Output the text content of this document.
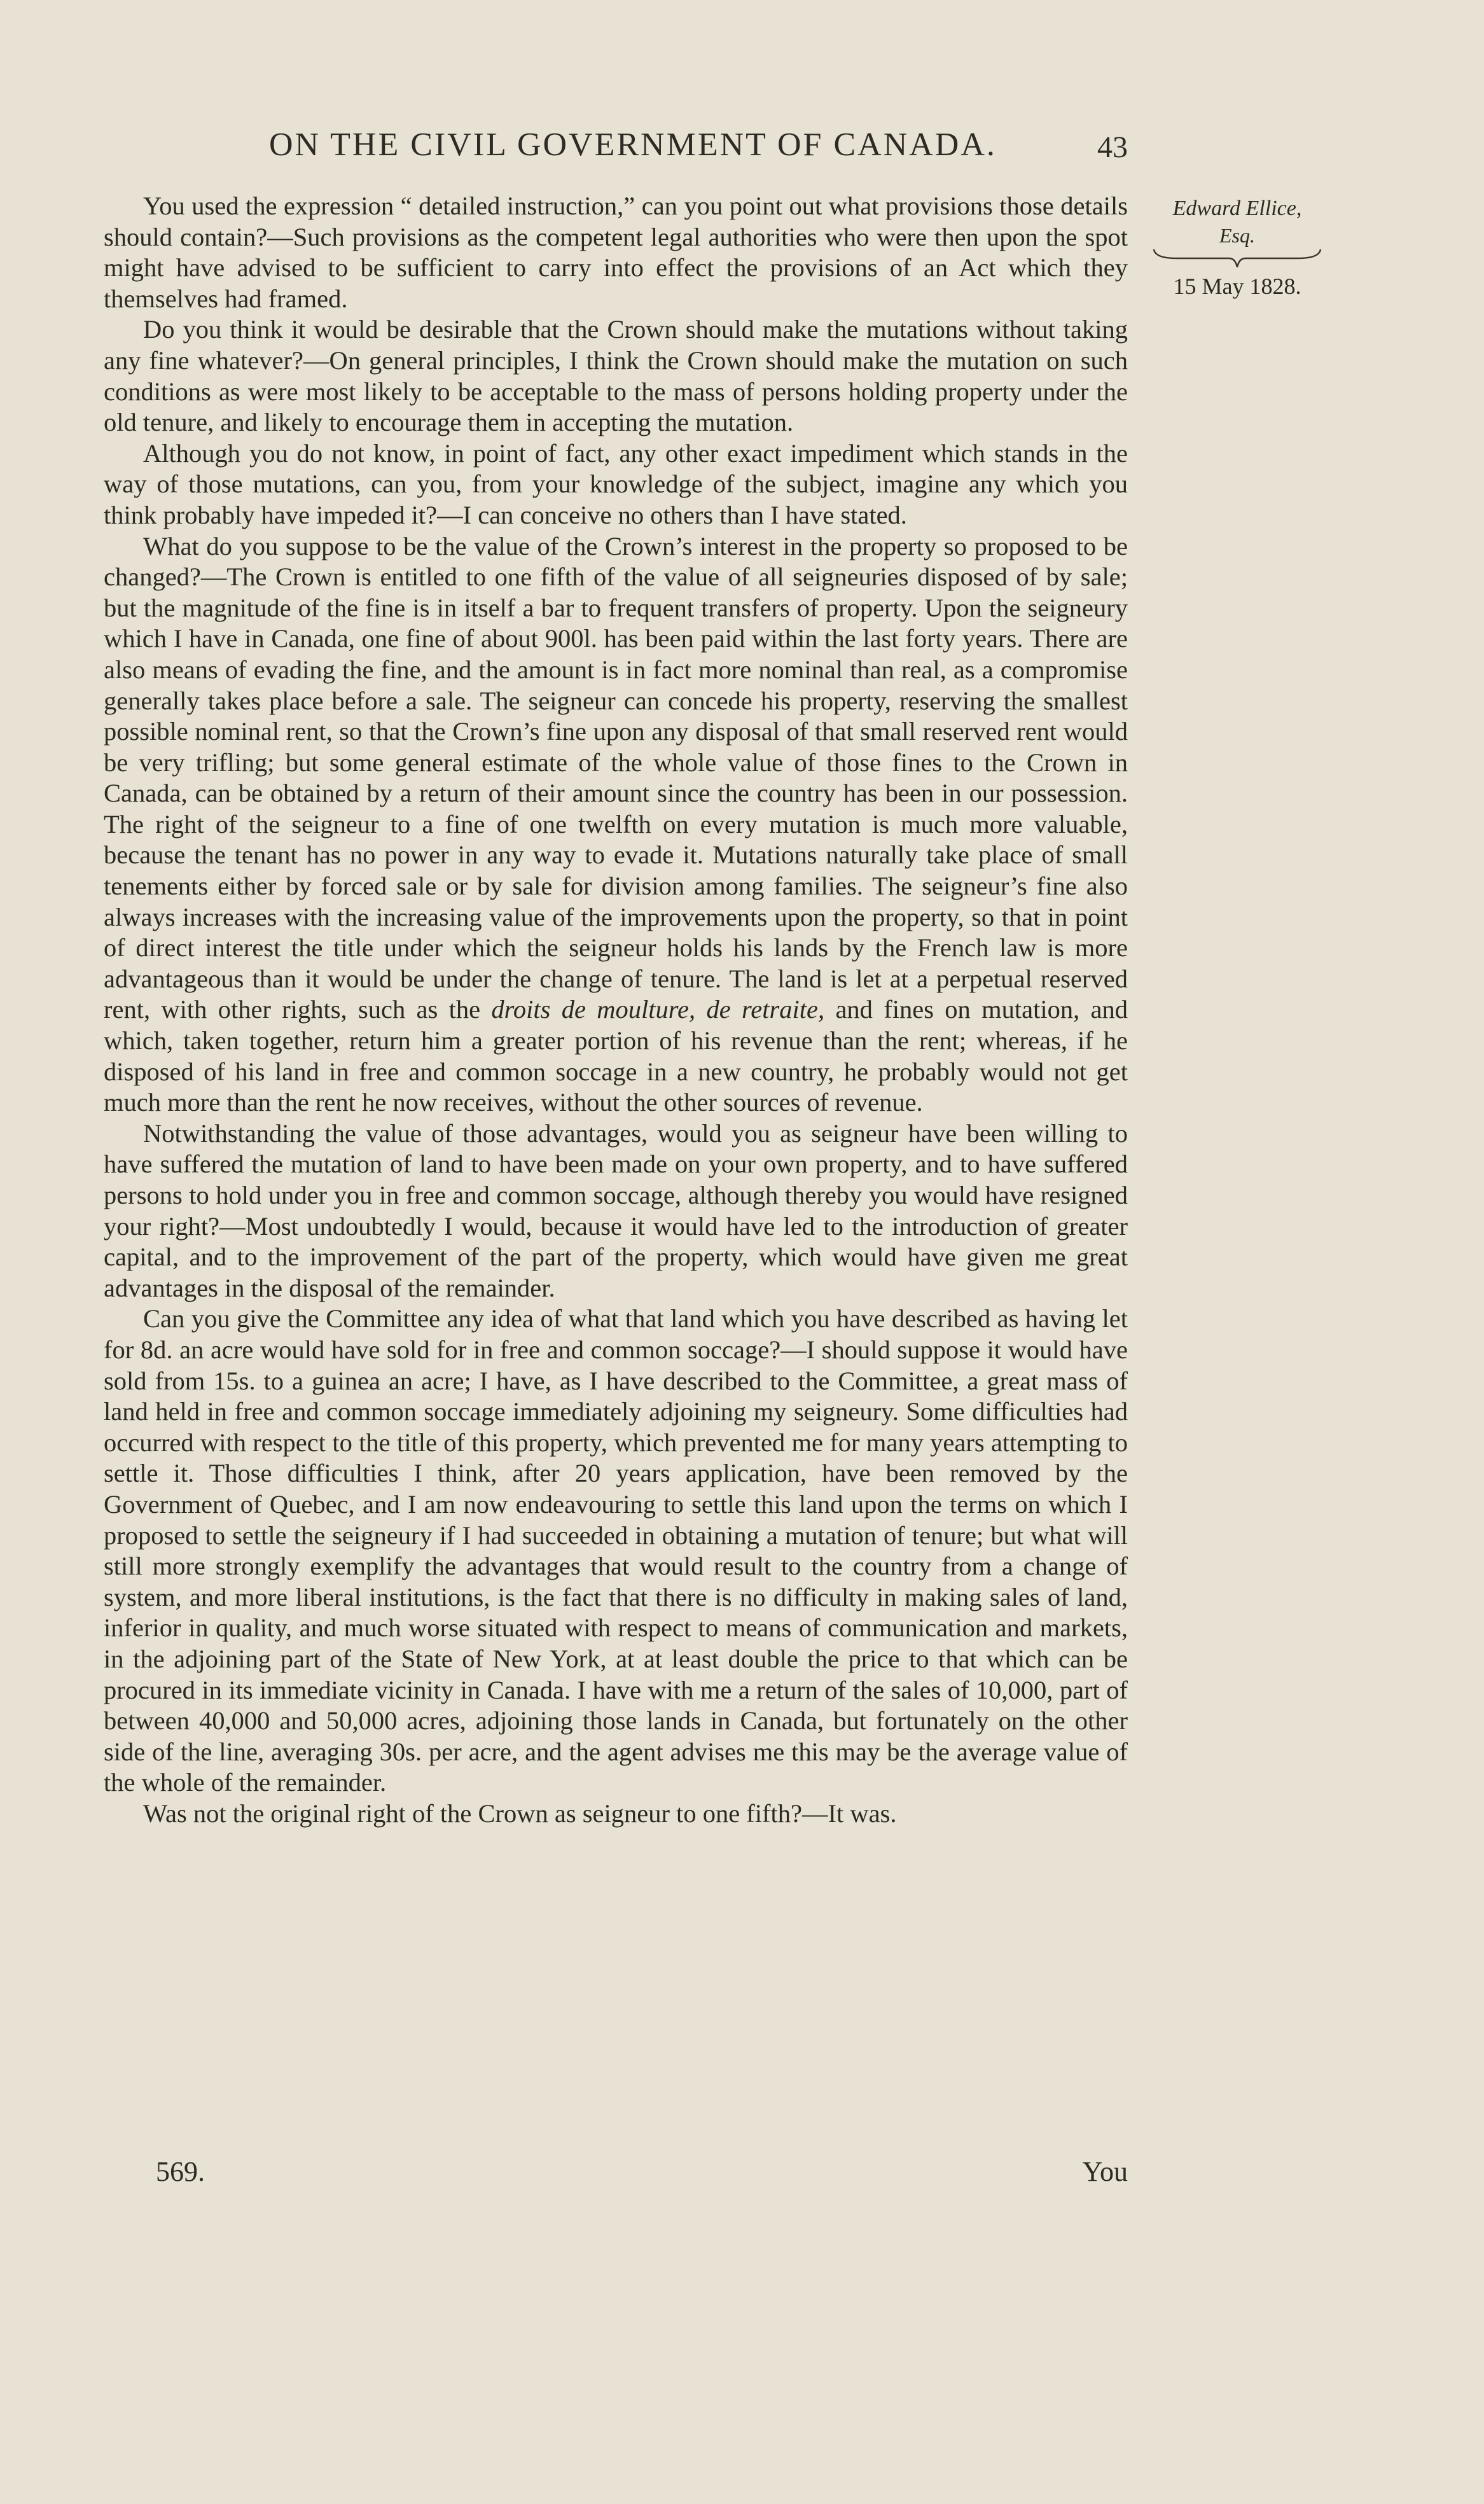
ON THE CIVIL GOVERNMENT OF CANADA.	43

You used the expression “ detailed instruction,” can you point out what provisions those details should contain?—Such provisions as the competent legal authorities who were then upon the spot might have advised to be sufficient to carry into effect the provisions of an Act which they themselves had framed.

Do you think it would be desirable that the Crown should make the mutations without taking any fine whatever?—On general principles, I think the Crown should make the mutation on such conditions as were most likely to be acceptable to the mass of persons holding property under the old tenure, and likely to encourage them in accepting the mutation.

Although you do not know, in point of fact, any other exact impediment which stands in the way of those mutations, can you, from your knowledge of the subject, imagine any which you think probably have impeded it?—I can conceive no others than I have stated.

What do you suppose to be the value of the Crown’s interest in the property so proposed to be changed?—The Crown is entitled to one fifth of the value of all seigneuries disposed of by sale; but the magnitude of the fine is in itself a bar to frequent transfers of property. Upon the seigneury which I have in Canada, one fine of about 900l. has been paid within the last forty years. There are also means of evading the fine, and the amount is in fact more nominal than real, as a compromise generally takes place before a sale. The seigneur can concede his property, reserving the smallest possible nominal rent, so that the Crown’s fine upon any disposal of that small reserved rent would be very trifling; but some general estimate of the whole value of those fines to the Crown in Canada, can be obtained by a return of their amount since the country has been in our possession. The right of the seigneur to a fine of one twelfth on every mutation is much more valuable, because the tenant has no power in any way to evade it. Mutations naturally take place of small tenements either by forced sale or by sale for division among families. The seigneur’s fine also always increases with the increasing value of the improvements upon the property, so that in point of direct interest the title under which the seigneur holds his lands by the French law is more advantageous than it would be under the change of tenure. The land is let at a perpetual reserved rent, with other rights, such as the droits de moulture, de retraite, and fines on mutation, and which, taken together, return him a greater portion of his revenue than the rent; whereas, if he disposed of his land in free and common soccage in a new country, he probably would not get much more than the rent he now receives, without the other sources of revenue.

Notwithstanding the value of those advantages, would you as seigneur have been willing to have suffered the mutation of land to have been made on your own property, and to have suffered persons to hold under you in free and common soccage, although thereby you would have resigned your right?—Most undoubtedly I would, because it would have led to the introduction of greater capital, and to the improvement of the part of the property, which would have given me great advantages in the disposal of the remainder.

Can you give the Committee any idea of what that land which you have described as having let for 8d. an acre would have sold for in free and common soccage?—I should suppose it would have sold from 15s. to a guinea an acre; I have, as I have described to the Committee, a great mass of land held in free and common soccage immediately adjoining my seigneury. Some difficulties had occurred with respect to the title of this property, which prevented me for many years attempting to settle it. Those difficulties I think, after 20 years application, have been removed by the Government of Quebec, and I am now endeavouring to settle this land upon the terms on which I proposed to settle the seigneury if I had succeeded in obtaining a mutation of tenure; but what will still more strongly exemplify the advantages that would result to the country from a change of system, and more liberal institutions, is the fact that there is no difficulty in making sales of land, inferior in quality, and much worse situated with respect to means of communication and markets, in the adjoining part of the State of New York, at at least double the price to that which can be procured in its immediate vicinity in Canada. I have with me a return of the sales of 10,000, part of between 40,000 and 50,000 acres, adjoining those lands in Canada, but fortunately on the other side of the line, averaging 30s. per acre, and the agent advises me this may be the average value of the whole of the remainder.

Was not the original right of the Crown as seigneur to one fifth?—It was.

569.	You
Edward Ellice,
Esq.
15 May 1828.
